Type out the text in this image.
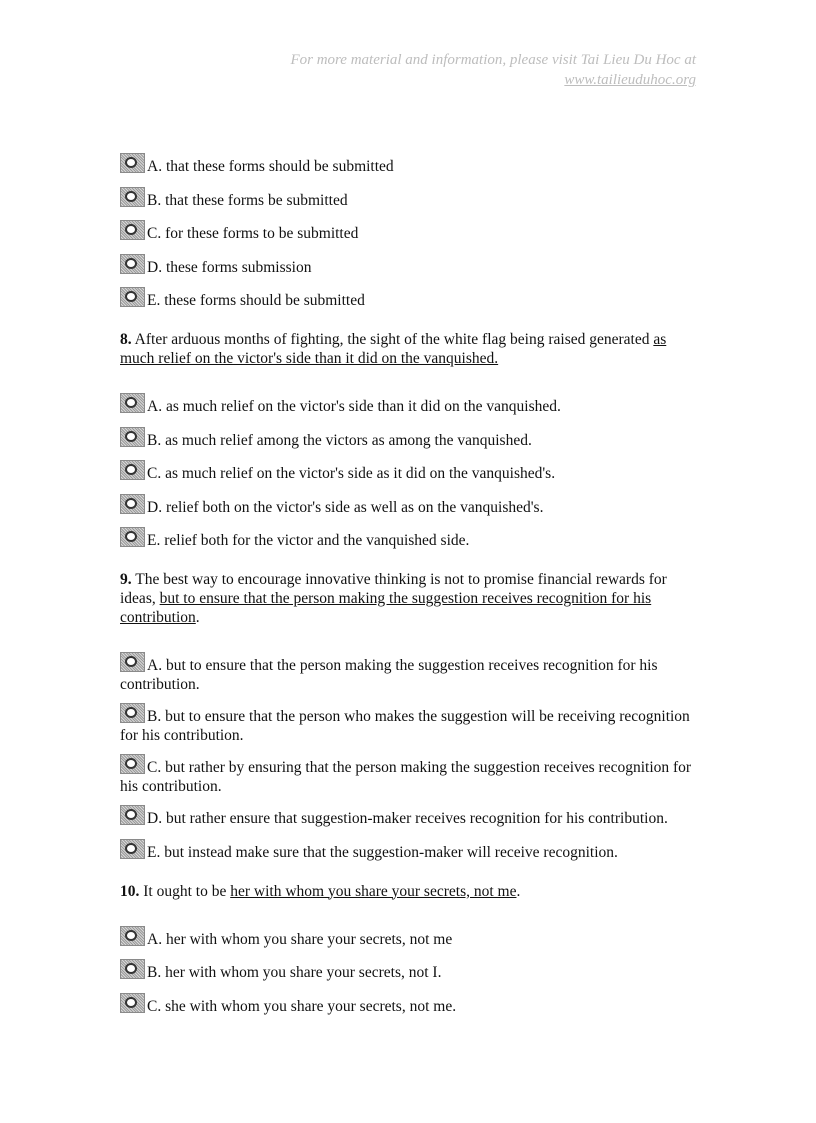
For more material and information, please visit Tai Lieu Du Hoc at
www.tailieuduhoc.org
A. that these forms should be submitted
B. that these forms be submitted
C. for these forms to be submitted
D. these forms submission
E. these forms should be submitted
8. After arduous months of fighting, the sight of the white flag being raised generated as much relief on the victor's side than it did on the vanquished.
A. as much relief on the victor's side than it did on the vanquished.
B. as much relief among the victors as among the vanquished.
C. as much relief on the victor's side as it did on the vanquished's.
D. relief both on the victor's side as well as on the vanquished's.
E. relief both for the victor and the vanquished side.
9. The best way to encourage innovative thinking is not to promise financial rewards for ideas, but to ensure that the person making the suggestion receives recognition for his contribution.
A. but to ensure that the person making the suggestion receives recognition for his contribution.
B. but to ensure that the person who makes the suggestion will be receiving recognition for his contribution.
C. but rather by ensuring that the person making the suggestion receives recognition for his contribution.
D. but rather ensure that suggestion-maker receives recognition for his contribution.
E. but instead make sure that the suggestion-maker will receive recognition.
10. It ought to be her with whom you share your secrets, not me.
A. her with whom you share your secrets, not me
B. her with whom you share your secrets, not I.
C. she with whom you share your secrets, not me.
